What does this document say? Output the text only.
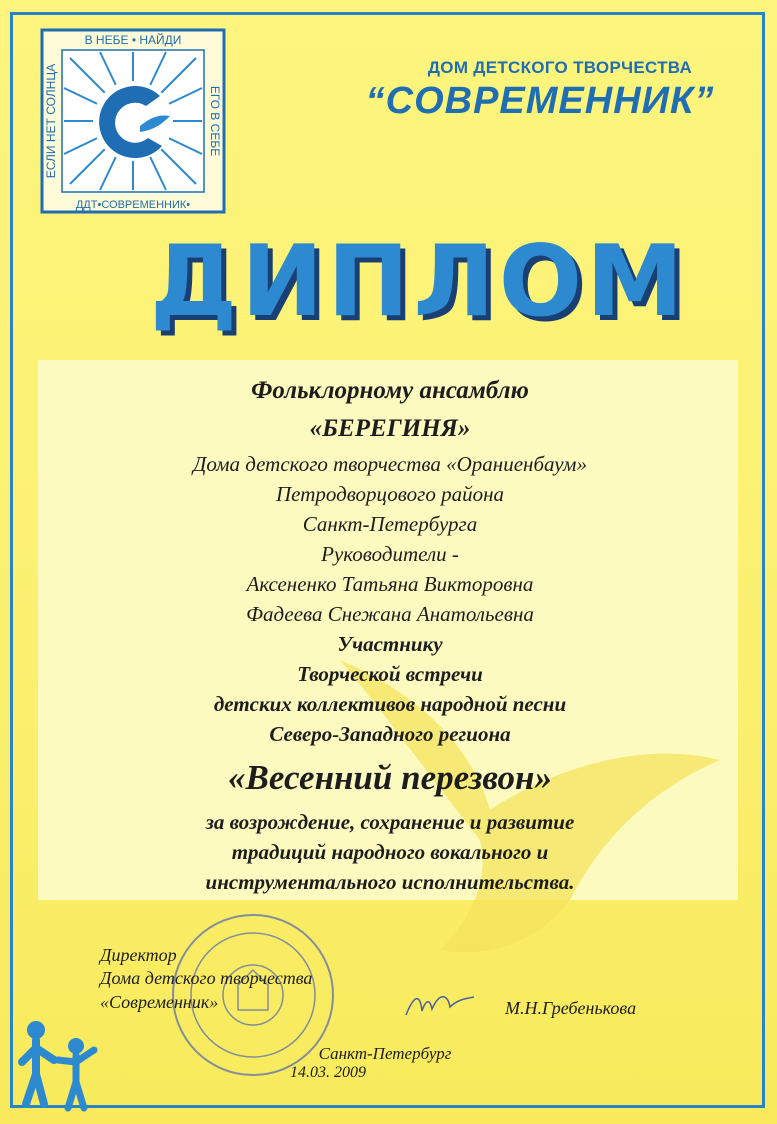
В НЕБЕ • НАЙДИ
ДДТ•СОВРЕМЕННИК•
ЕСЛИ НЕТ СОЛНЦА	ЕГО В СЕБЕ
ДОМ ДЕТСКОГО ТВОРЧЕСТВА
“СОВРЕМЕННИК”
ДИПЛОМ
Фольклорному ансамблю
«БЕРЕГИНЯ»
Дома детского творчества «Ораниенбаум»
Петродворцового района
Санкт-Петербурга
Руководители -
Аксененко Татьяна Викторовна
Фадеева Снежана Анатольевна
Участнику
Творческой встречи
детских коллективов народной песни
Северо-Западного региона
«Весенний перезвон»
за возрождение, сохранение и развитие
традиций народного вокального и
инструментального исполнительства.
Директор
Дома детского творчества
«Современник»	М.Н.Гребенькова
Санкт-Петербург
14.03. 2009
